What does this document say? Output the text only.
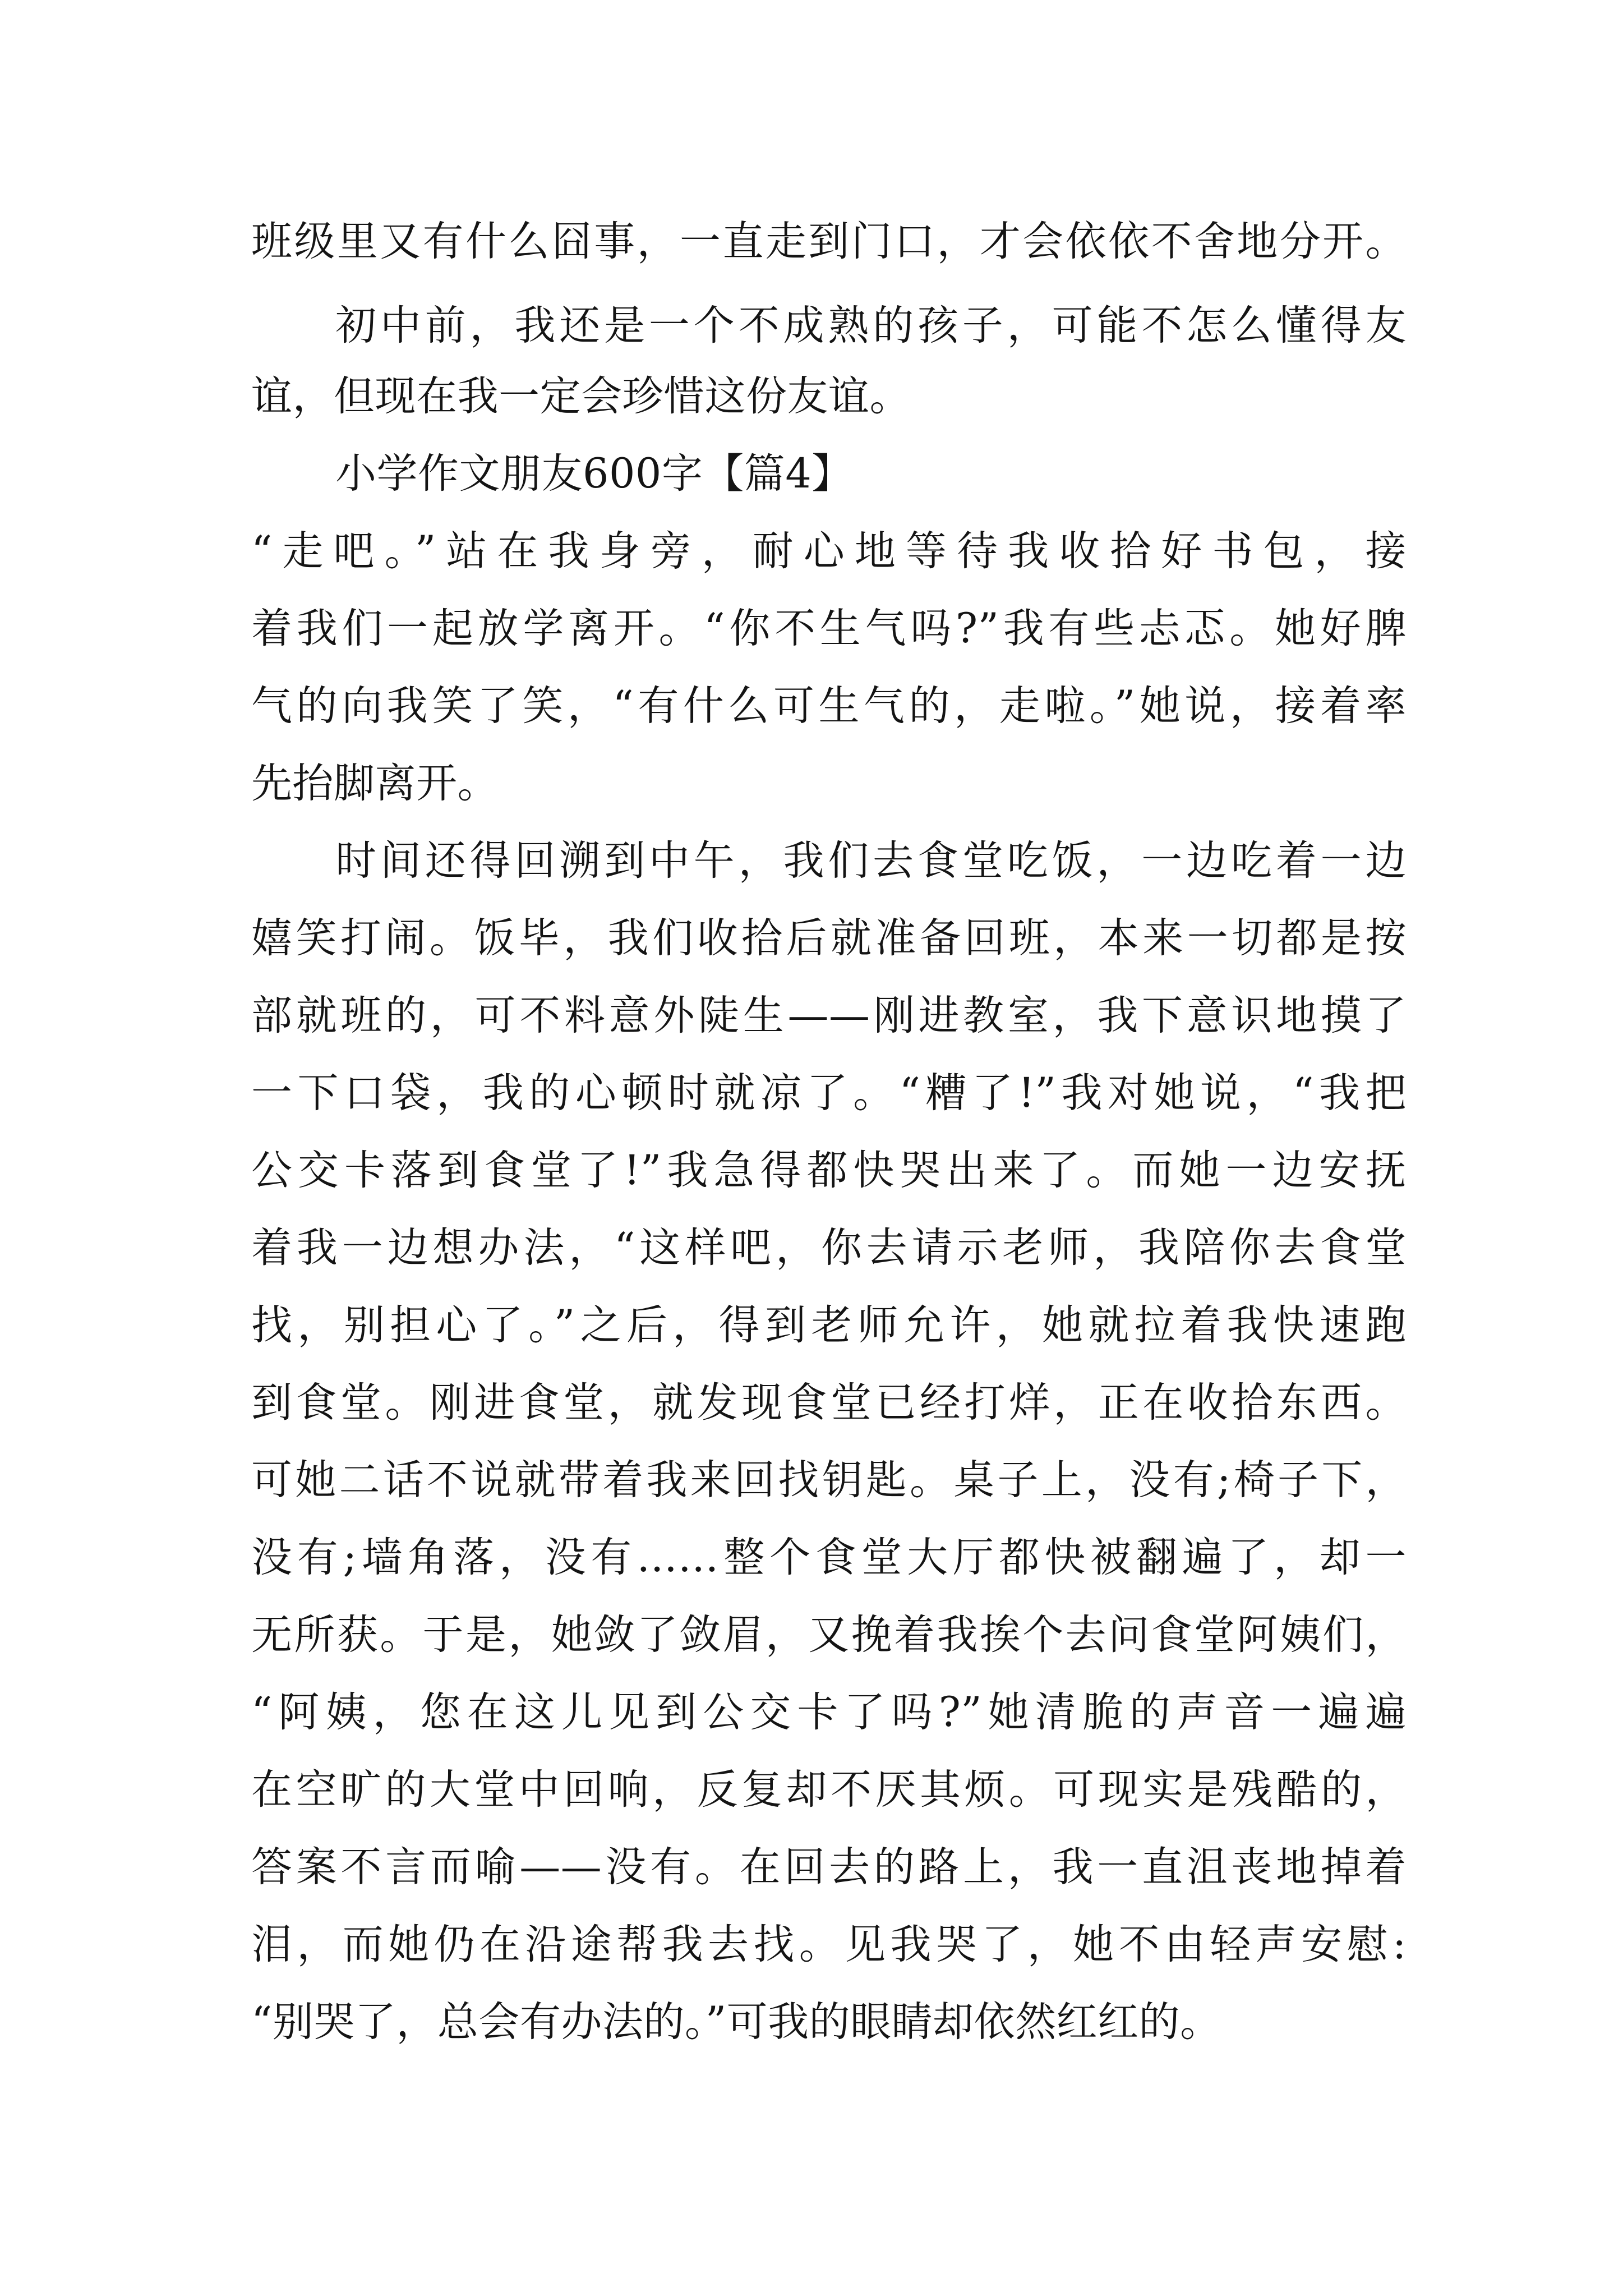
班级里又有什么囧事，一直走到门口，才会依依不舍地分开。
初中前，我还是一个不成熟的孩子，可能不怎么懂得友
谊，但现在我一定会珍惜这份友谊。
小学作文朋友600字【篇4】
“走吧。”站在我身旁，耐心地等待我收拾好书包，接
着我们一起放学离开。“你不生气吗?”我有些忐忑。她好脾
气的向我笑了笑，“有什么可生气的，走啦。”她说，接着率
先抬脚离开。
时间还得回溯到中午，我们去食堂吃饭，一边吃着一边
嬉笑打闹。饭毕，我们收拾后就准备回班，本来一切都是按
部就班的，可不料意外陡生——刚进教室，我下意识地摸了
一下口袋，我的心顿时就凉了。“糟了!”我对她说，“我把
公交卡落到食堂了!”我急得都快哭出来了。而她一边安抚
着我一边想办法，“这样吧，你去请示老师，我陪你去食堂
找，别担心了。”之后，得到老师允许，她就拉着我快速跑
到食堂。刚进食堂，就发现食堂已经打烊，正在收拾东西。
可她二话不说就带着我来回找钥匙。桌子上，没有;椅子下，
没有;墙角落，没有……整个食堂大厅都快被翻遍了，却一
无所获。于是，她敛了敛眉，又挽着我挨个去问食堂阿姨们，
“阿姨，您在这儿见到公交卡了吗?”她清脆的声音一遍遍
在空旷的大堂中回响，反复却不厌其烦。可现实是残酷的，
答案不言而喻——没有。在回去的路上，我一直沮丧地掉着
泪，而她仍在沿途帮我去找。见我哭了，她不由轻声安慰:
“别哭了，总会有办法的。”可我的眼睛却依然红红的。
